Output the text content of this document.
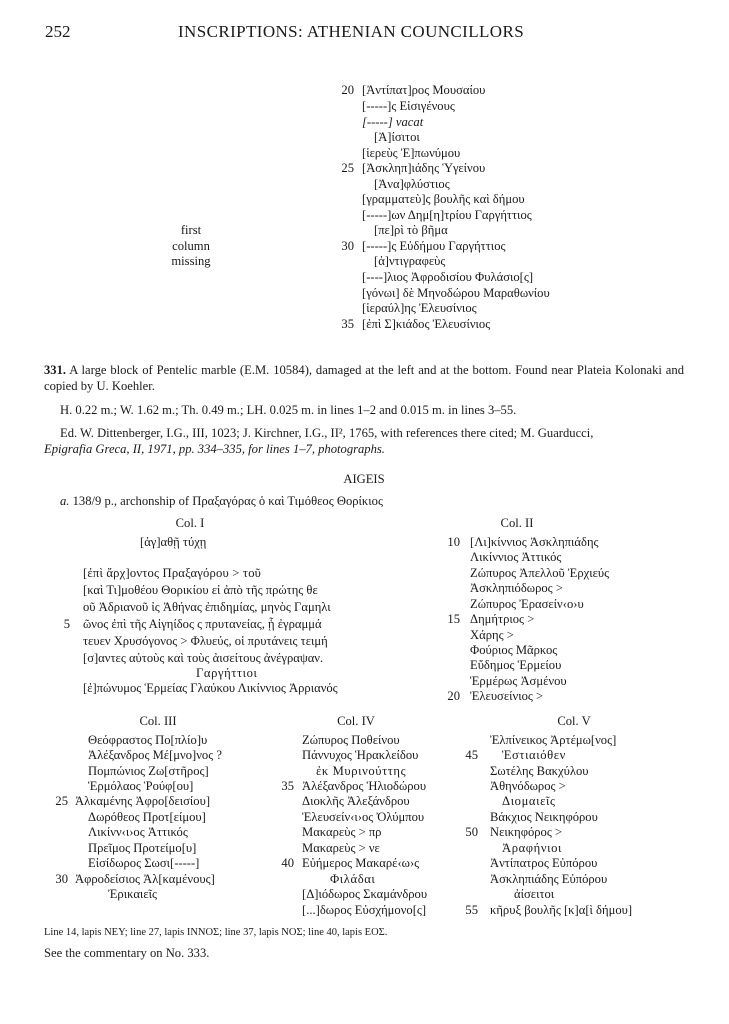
252	INSCRIPTIONS: ATHENIAN COUNCILLORS
20
25
30
35
[Ἀντίπατ]ρος Μουσαίου
[-----]ς Εἰσιγένους
[-----] vacat
[Ἀ]ίσιτοι
[ἱερεὺς Ἐ]πωνύμου
[Ἀσκληπ]ιάδης Ὑγείνου
[Ἀνα]φλύστιος
[γραμματεὺ]ς βουλῆς καὶ δήμου
[-----]ων Δημ[η]τρίου Γαργήττιος
[πε]ρὶ τὸ βῆμα
[-----]ς Εὐδήμου Γαργήττιος
[ἀ]ντιγραφεὺς
[----]λιος Ἀφροδισίου Φυλάσιο[ς]
[γόνωι] δὲ Μηνοδώρου Μαραθωνίου
[ἱεραύλ]ης Ἐλευσίνιος
[ἐπὶ Σ]κιάδος Ἐλευσίνιος
first
column
missing
331. A large block of Pentelic marble (E.M. 10584), damaged at the left and at the bottom. Found near Plateia Kolonaki and copied by U. Koehler.
H. 0.22 m.; W. 1.62 m.; Th. 0.49 m.; LH. 0.025 m. in lines 1–2 and 0.015 m. in lines 3–55.
Ed. W. Dittenberger, I.G., III, 1023; J. Kirchner, I.G., II², 1765, with references there cited; M. Guarducci,
Epigrafia Greca, II, 1971, pp. 334–335, for lines 1–7, photographs.
AIGEIS
a. 138/9 p., archonship of Πραξαγόρας ὁ καὶ Τιμόθεος Θορίκιος
Col. I
[ἀγ]αθῇ τύχῃ
[ἐπὶ ἄρχ]οντος Πραξαγόρου > τοῦ
[καὶ Τι]μοθέου Θορικίου εἰ ἀπὸ τῆς πρώτης θε
οῦ Ἀδριανοῦ ἰς Ἀθήνας ἐπιδημίας, μηνὸς Γαμηλι
5 ῶνος ἐπὶ τῆς Αἰγηίδος ς πρυτανείας, ᾗ ἐγραμμά
τευεν Χρυσόγονος > Φλυεύς, οἱ πρυτάνεις τειμή
[σ]αντες αὐτοὺς καὶ τοὺς ἀισείτους ἀνέγραψαν.
Γαργήττιοι
[ἐ]πώνυμος Ἑρμείας Γλαύκου Λικίννιος Ἀρριανός
Col. II
10
15
20
[Λι]κίννιος Ἀσκληπιάδης
Λικίννιος Ἀττικός
Ζώπυρος Ἀπελλοῦ Ἐρχιεύς
Ἀσκληπιόδωρος >
Ζώπυρος Ἐρασείν‹ο›υ
Δημήτριος >
Χάρης >
Φούριος Μᾶρκος
Εὔδημος Ἑρμείου
Ἑρμέρως Ἀσμένου
Ἐλευσείνιος >
Col. III
25
30
Θεόφραστος Πο[πλίο]υ
Ἀλέξανδρος Μέ[μνο]νος ?
Πομπώνιος Ζω[στῆρος]
Ἑρμόλαος Ῥούφ[ου]
Ἀλκαμένης Ἀφρο[δεισίου]
Δωρόθεος Προτ[είμου]
Λικίνν‹ι›ος Ἀττικός
Πρεῖμος Προτείμο[υ]
Εἰσίδωρος Σωσι[-----]
Ἀφροδείσιος Ἀλ[καμένους]
Ἐρικαιεῖς
Col. IV
35
40
Ζώπυρος Ποθείνου
Πάννυχος Ἡρακλείδου
ἐκ Μυρινούττης
Ἀλέξανδρος Ἡλιοδώρου
Διοκλῆς Ἀλεξάνδρου
Ἐλευσείν‹ι›ος Ὀλύμπου
Μακαρεὺς > πρ
Μακαρεὺς > νε
Εὐήμερος Μακαρέ‹ω›ς
Φιλάδαι
[Δ]ιόδωρος Σκαμάνδρου
[...]δωρος Εὐσχήμονο[ς]
Col. V
45
50
55
Ἐλπίνεικος Ἀρτέμω[νος]
Ἑστιαιόθεν
Σωτέλης Βακχύλου
Ἀθηνόδωρος >
Διομαιεῖς
Βάκχιος Νεικηφόρου
Νεικηφόρος >
Ἀραφήνιοι
Ἀντίπατρος Εὐπόρου
Ἀσκληπιάδης Εὐπόρου
ἀίσειτοι
κῆρυξ βουλῆς [κ]α[ὶ δήμου]
Line 14, lapis ΝΕΥ; line 27, lapis ΙΝΝΟΣ; line 37, lapis ΝΟΣ; line 40, lapis ΕΟΣ.
See the commentary on No. 333.
